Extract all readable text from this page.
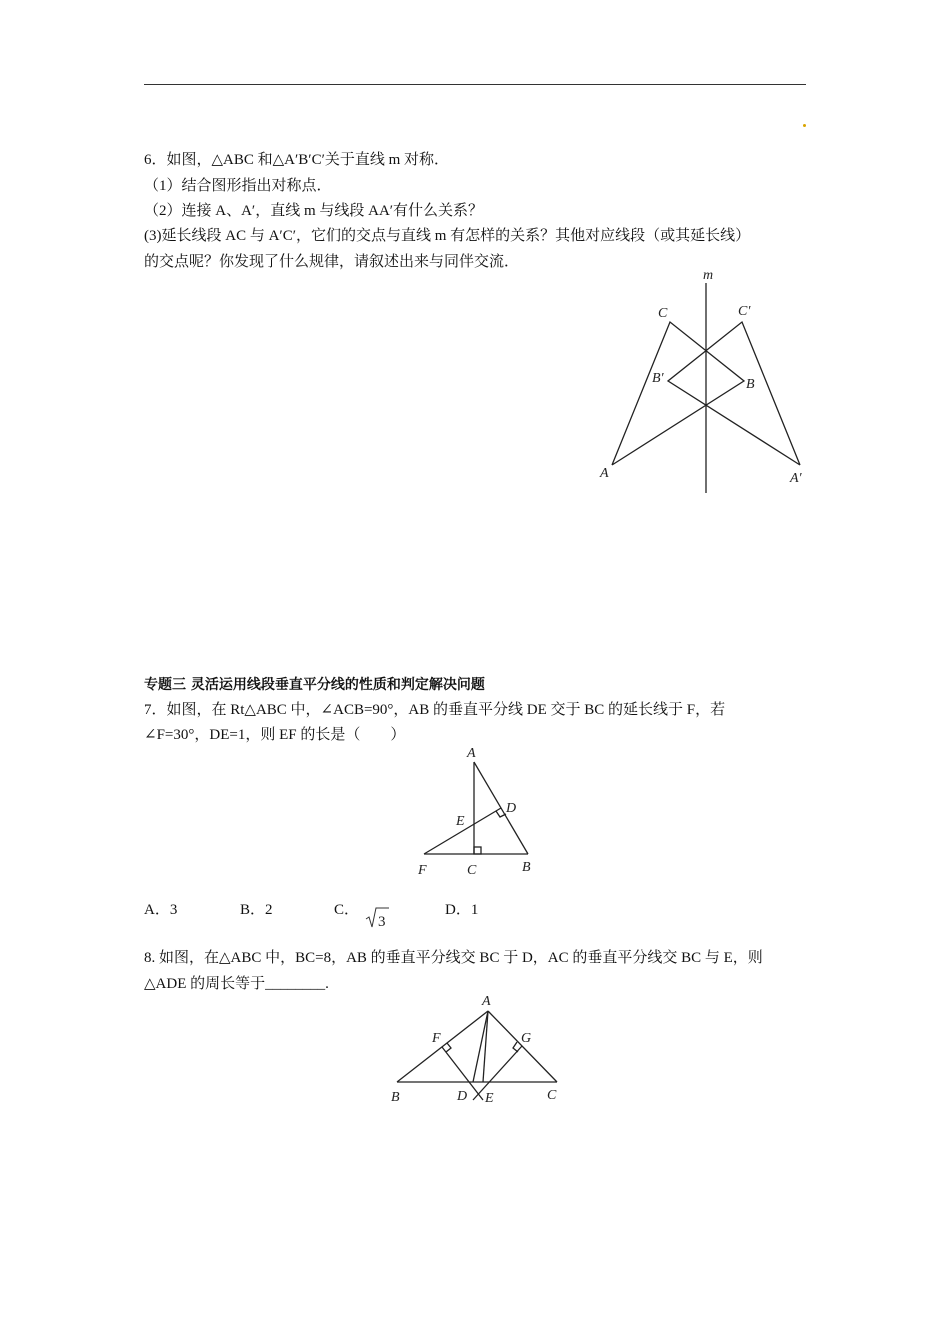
6．如图，△ABC 和△A′B′C′关于直线 m 对称．
（1）结合图形指出对称点．
（2）连接 A、A′，直线 m 与线段 AA′有什么关系？
(3)延长线段 AC 与 A′C′，它们的交点与直线 m 有怎样的关系？其他对应线段（或其延长线）
的交点呢？你发现了什么规律，请叙述出来与同伴交流．
m
C	C′
B′	B
A	A′
专题三 灵活运用线段垂直平分线的性质和判定解决问题
7．如图，在 Rt△ABC 中，∠ACB=90°，AB 的垂直平分线 DE 交于 BC 的延长线于 F，若
∠F=30°，DE=1，则 EF 的长是（　　）
A
D
E
F	C	B
A．3	B．2	C．
3
D．1
8. 如图，在△ABC 中，BC=8，AB 的垂直平分线交 BC 于 D，AC 的垂直平分线交 BC 与 E，则
△ADE 的周长等于________.
A
F	G
B	D E	C
